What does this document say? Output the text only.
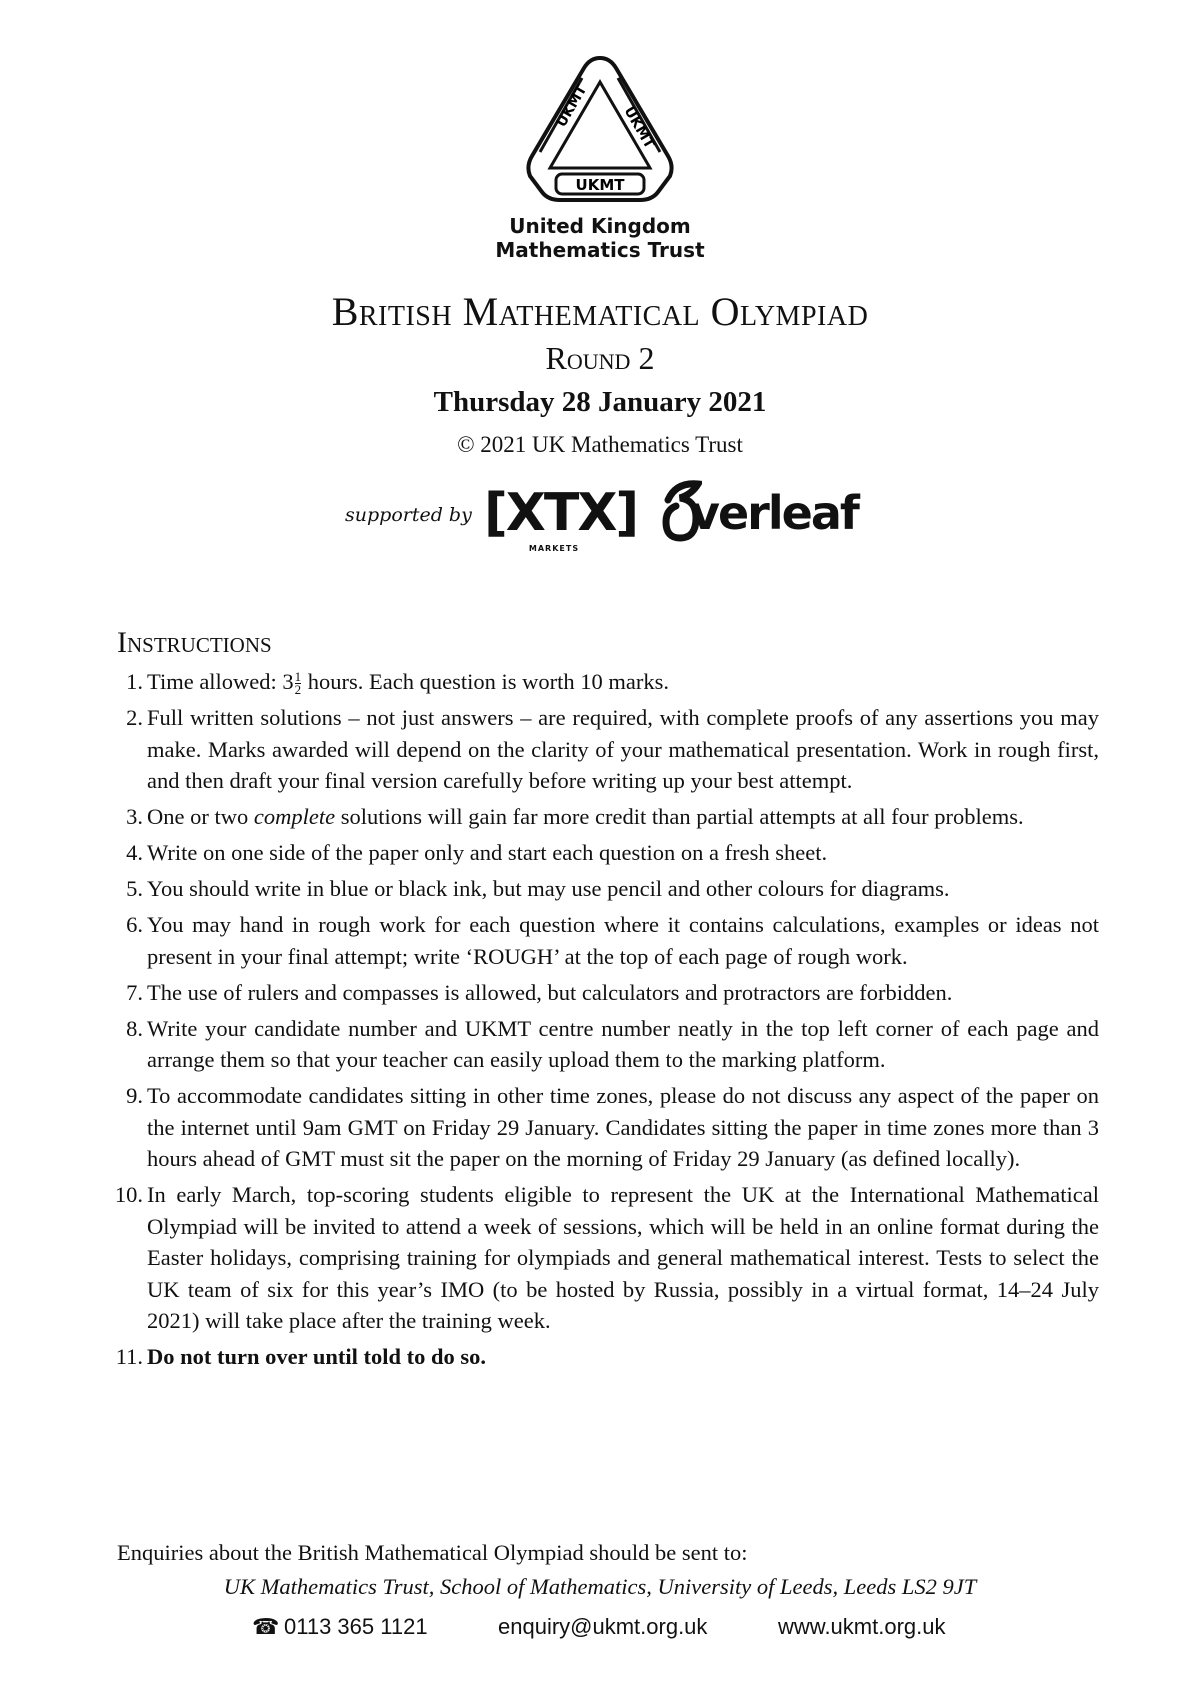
UKMT UKMT
UKMT
United Kingdom
Mathematics Trust
British Mathematical Olympiad
Round 2
Thursday 28 January 2021
© 2021 UK Mathematics Trust
supported by [XTX]
MARKETS
verleaf
Instructions
1. Time allowed: $3 \frac{1}{2}$ hours. Each question is worth 10 marks.
2. Full written solutions – not just answers – are required, with complete proofs of any assertions you may make. Marks awarded will depend on the clarity of your mathematical presentation. Work in rough first, and then draft your final version carefully before writing up your best attempt.
3. One or two complete solutions will gain far more credit than partial attempts at all four problems.
4. Write on one side of the paper only and start each question on a fresh sheet.
5. You should write in blue or black ink, but may use pencil and other colours for diagrams.
6. You may hand in rough work for each question where it contains calculations, examples or ideas not present in your final attempt; write ‘ROUGH’ at the top of each page of rough work.
7. The use of rulers and compasses is allowed, but calculators and protractors are forbidden.
8. Write your candidate number and UKMT centre number neatly in the top left corner of each page and arrange them so that your teacher can easily upload them to the marking platform.
9. To accommodate candidates sitting in other time zones, please do not discuss any aspect of the paper on the internet until 9am GMT on Friday 29 January. Candidates sitting the paper in time zones more than 3 hours ahead of GMT must sit the paper on the morning of Friday 29 January (as defined locally).
10. In early March, top-scoring students eligible to represent the UK at the International Mathematical Olympiad will be invited to attend a week of sessions, which will be held in an online format during the Easter holidays, comprising training for olympiads and general mathematical interest. Tests to select the UK team of six for this year’s IMO (to be hosted by Russia, possibly in a virtual format, 14–24 July 2021) will take place after the training week.
11. Do not turn over until told to do so.
Enquiries about the British Mathematical Olympiad should be sent to:
UK Mathematics Trust, School of Mathematics, University of Leeds, Leeds LS2 9JT
☎ 0113 365 1121	enquiry@ukmt.org.uk	www.ukmt.org.uk
